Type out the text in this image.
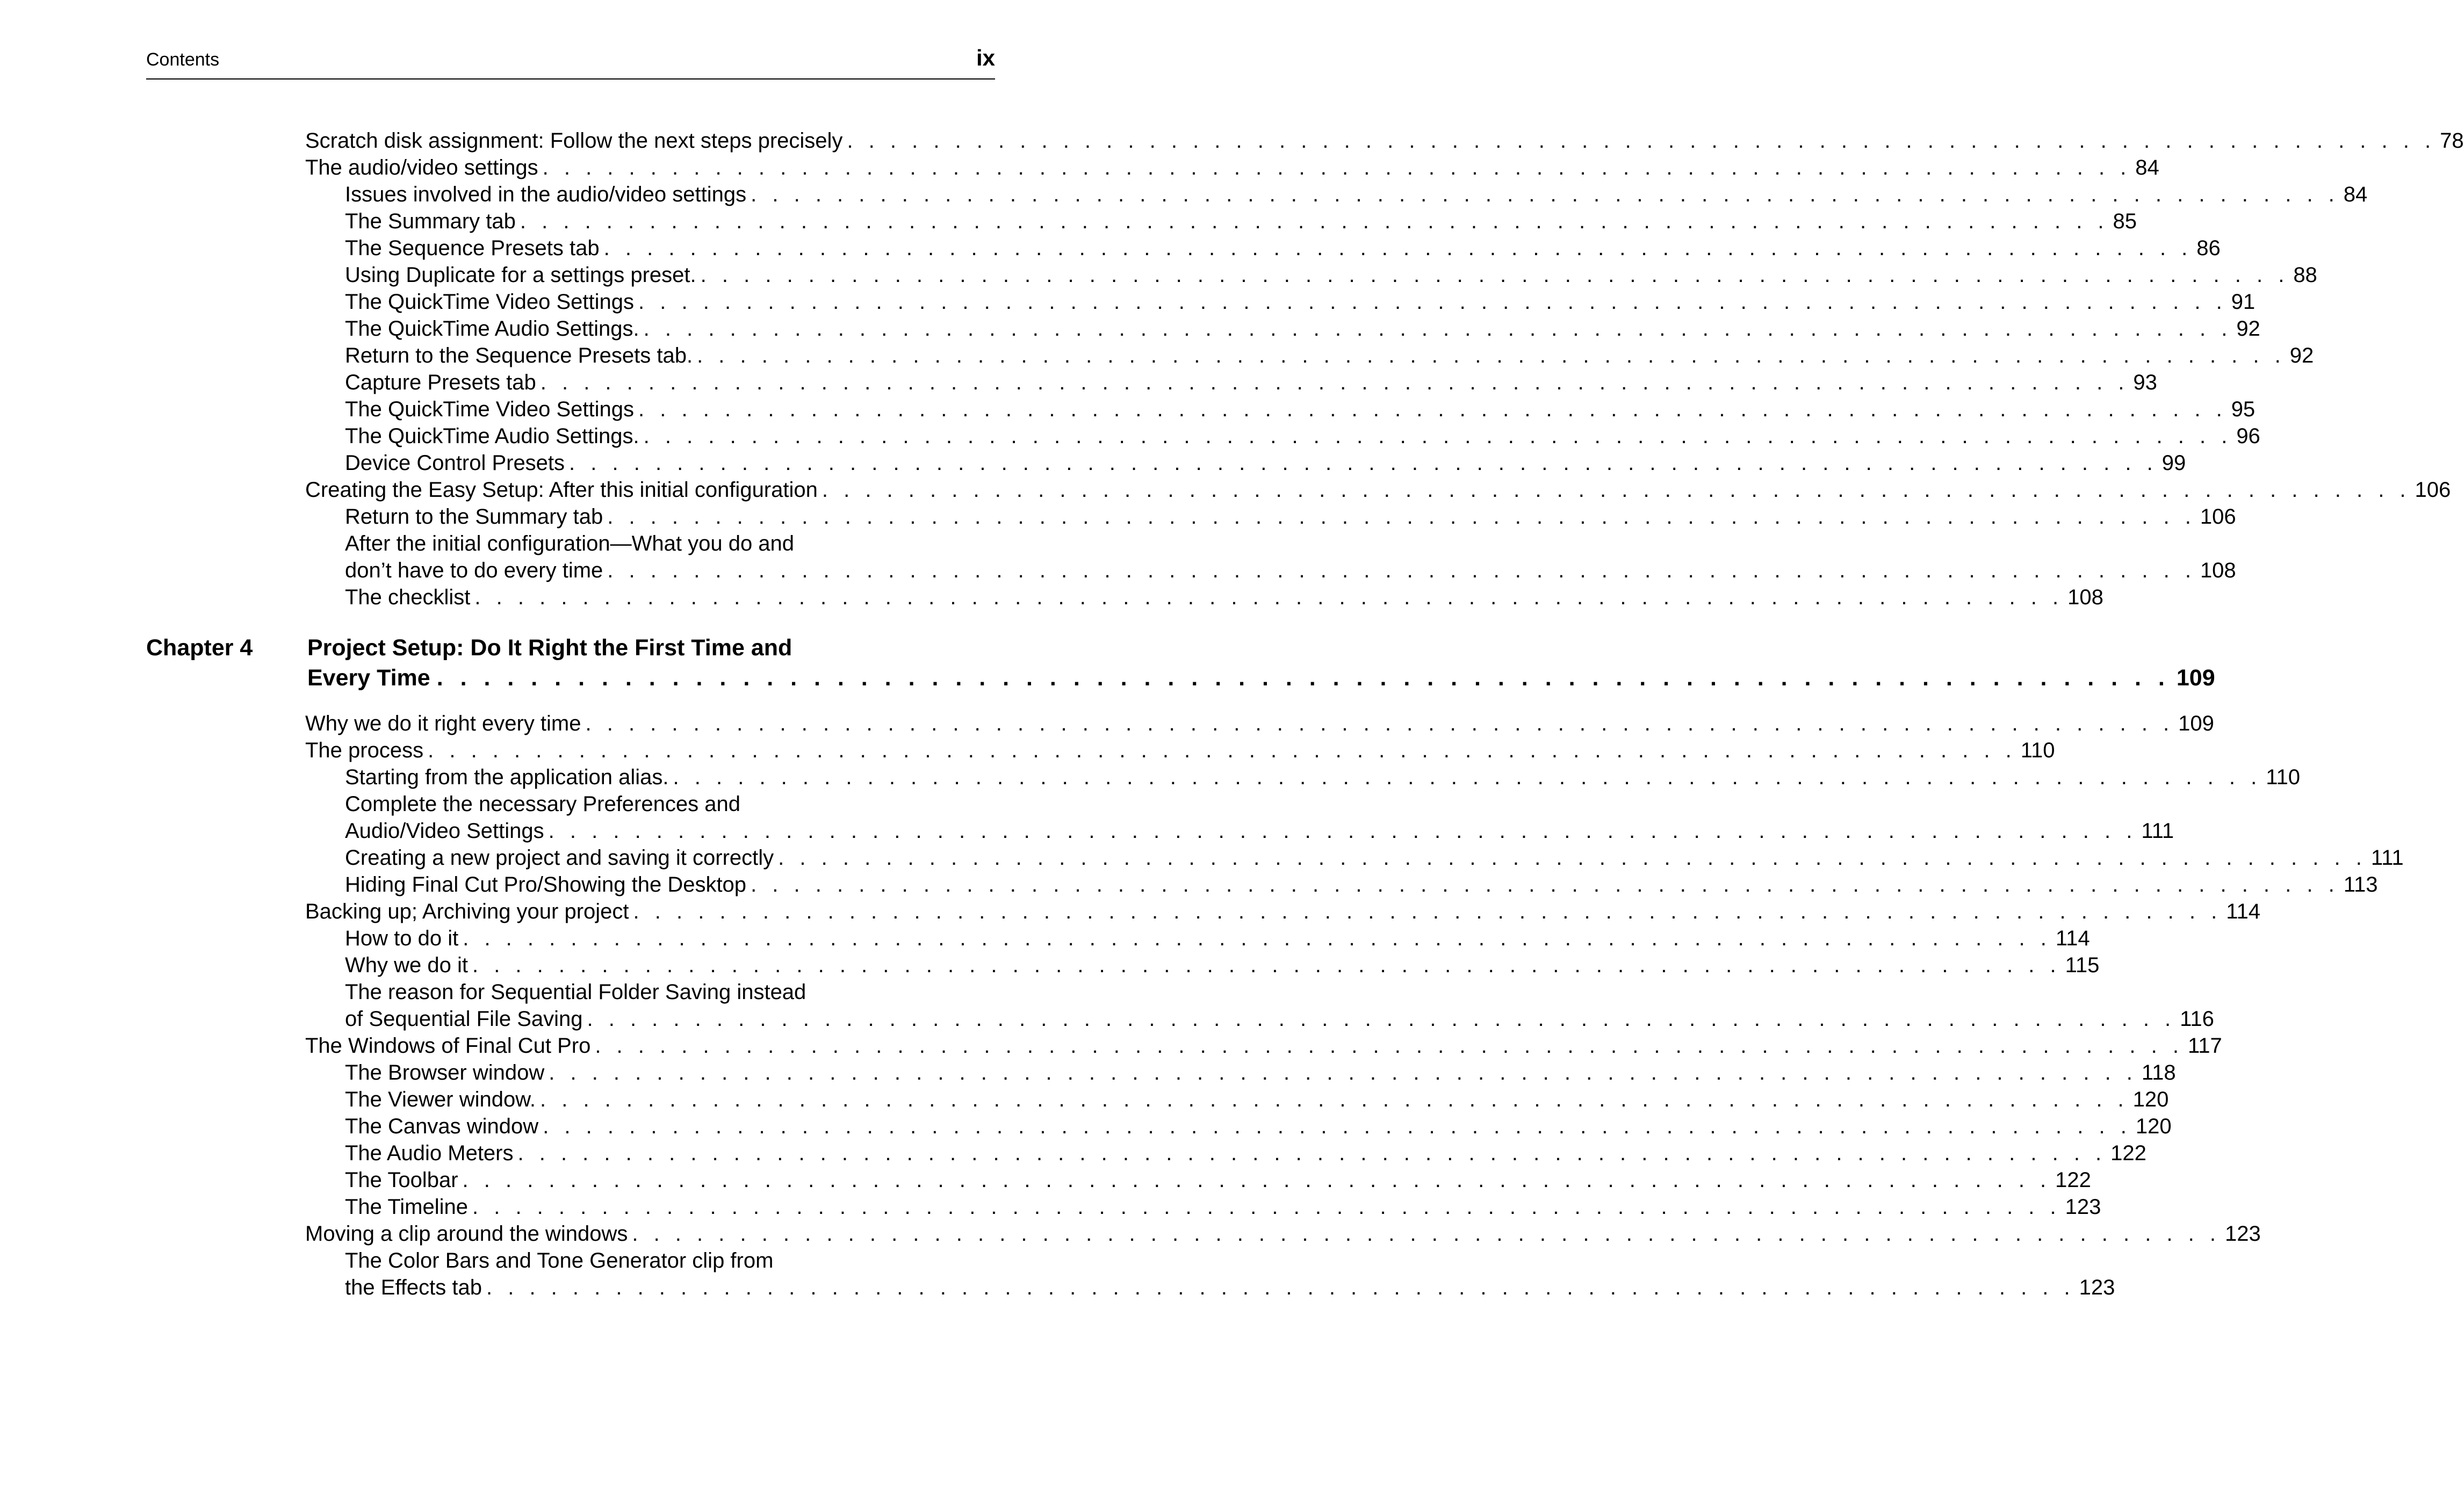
Contents	ix
Scratch disk assignment: Follow the next steps precisely . . . . . . . . . . . . . . . . . . . . . . . . . . . . . . . . . . . . . . . . . . . . . . . . . . . . . . . . . . . . . . . . . . . . . . . . . . 78
The audio/video settings . . . . . . . . . . . . . . . . . . . . . . . . . . . . . . . . . . . . . . . . . . . . . . . . . . . . . . . . . . . . . . . . . . . . . . . . . . 84
Issues involved in the audio/video settings . . . . . . . . . . . . . . . . . . . . . . . . . . . . . . . . . . . . . . . . . . . . . . . . . . . . . . . . . . . . . . . . . . . . . . . . . . 84
The Summary tab . . . . . . . . . . . . . . . . . . . . . . . . . . . . . . . . . . . . . . . . . . . . . . . . . . . . . . . . . . . . . . . . . . . . . . . . . . 85
The Sequence Presets tab . . . . . . . . . . . . . . . . . . . . . . . . . . . . . . . . . . . . . . . . . . . . . . . . . . . . . . . . . . . . . . . . . . . . . . . . . . 86
Using Duplicate for a settings preset. . . . . . . . . . . . . . . . . . . . . . . . . . . . . . . . . . . . . . . . . . . . . . . . . . . . . . . . . . . . . . . . . . . . . . . . . . . 88
The QuickTime Video Settings . . . . . . . . . . . . . . . . . . . . . . . . . . . . . . . . . . . . . . . . . . . . . . . . . . . . . . . . . . . . . . . . . . . . . . . . . . 91
The QuickTime Audio Settings. . . . . . . . . . . . . . . . . . . . . . . . . . . . . . . . . . . . . . . . . . . . . . . . . . . . . . . . . . . . . . . . . . . . . . . . . . . 92
Return to the Sequence Presets tab. . . . . . . . . . . . . . . . . . . . . . . . . . . . . . . . . . . . . . . . . . . . . . . . . . . . . . . . . . . . . . . . . . . . . . . . . . . 92
Capture Presets tab . . . . . . . . . . . . . . . . . . . . . . . . . . . . . . . . . . . . . . . . . . . . . . . . . . . . . . . . . . . . . . . . . . . . . . . . . . 93
The QuickTime Video Settings . . . . . . . . . . . . . . . . . . . . . . . . . . . . . . . . . . . . . . . . . . . . . . . . . . . . . . . . . . . . . . . . . . . . . . . . . . 95
The QuickTime Audio Settings. . . . . . . . . . . . . . . . . . . . . . . . . . . . . . . . . . . . . . . . . . . . . . . . . . . . . . . . . . . . . . . . . . . . . . . . . . . 96
Device Control Presets . . . . . . . . . . . . . . . . . . . . . . . . . . . . . . . . . . . . . . . . . . . . . . . . . . . . . . . . . . . . . . . . . . . . . . . . . . 99
Creating the Easy Setup: After this initial configuration . . . . . . . . . . . . . . . . . . . . . . . . . . . . . . . . . . . . . . . . . . . . . . . . . . . . . . . . . . . . . . . . . . . . . . . . . . 106
Return to the Summary tab . . . . . . . . . . . . . . . . . . . . . . . . . . . . . . . . . . . . . . . . . . . . . . . . . . . . . . . . . . . . . . . . . . . . . . . . . . 106
After the initial configuration—What you do and
don’t have to do every time . . . . . . . . . . . . . . . . . . . . . . . . . . . . . . . . . . . . . . . . . . . . . . . . . . . . . . . . . . . . . . . . . . . . . . . . . . 108
The checklist . . . . . . . . . . . . . . . . . . . . . . . . . . . . . . . . . . . . . . . . . . . . . . . . . . . . . . . . . . . . . . . . . . . . . . . . . . 108
Chapter 4 Project Setup: Do It Right the First Time and
Every Time . . . . . . . . . . . . . . . . . . . . . . . . . . . . . . . . . . . . . . . . . . . . . . . . . . . . . . . . . . . . . . . . . . . . . . . . . . 109
Why we do it right every time . . . . . . . . . . . . . . . . . . . . . . . . . . . . . . . . . . . . . . . . . . . . . . . . . . . . . . . . . . . . . . . . . . . . . . . . . . 109
The process . . . . . . . . . . . . . . . . . . . . . . . . . . . . . . . . . . . . . . . . . . . . . . . . . . . . . . . . . . . . . . . . . . . . . . . . . . 110
Starting from the application alias. . . . . . . . . . . . . . . . . . . . . . . . . . . . . . . . . . . . . . . . . . . . . . . . . . . . . . . . . . . . . . . . . . . . . . . . . . . 110
Complete the necessary Preferences and
Audio/Video Settings . . . . . . . . . . . . . . . . . . . . . . . . . . . . . . . . . . . . . . . . . . . . . . . . . . . . . . . . . . . . . . . . . . . . . . . . . . 111
Creating a new project and saving it correctly . . . . . . . . . . . . . . . . . . . . . . . . . . . . . . . . . . . . . . . . . . . . . . . . . . . . . . . . . . . . . . . . . . . . . . . . . . 111
Hiding Final Cut Pro/Showing the Desktop . . . . . . . . . . . . . . . . . . . . . . . . . . . . . . . . . . . . . . . . . . . . . . . . . . . . . . . . . . . . . . . . . . . . . . . . . . 113
Backing up; Archiving your project . . . . . . . . . . . . . . . . . . . . . . . . . . . . . . . . . . . . . . . . . . . . . . . . . . . . . . . . . . . . . . . . . . . . . . . . . . 114
How to do it . . . . . . . . . . . . . . . . . . . . . . . . . . . . . . . . . . . . . . . . . . . . . . . . . . . . . . . . . . . . . . . . . . . . . . . . . . 114
Why we do it . . . . . . . . . . . . . . . . . . . . . . . . . . . . . . . . . . . . . . . . . . . . . . . . . . . . . . . . . . . . . . . . . . . . . . . . . . 115
The reason for Sequential Folder Saving instead
of Sequential File Saving . . . . . . . . . . . . . . . . . . . . . . . . . . . . . . . . . . . . . . . . . . . . . . . . . . . . . . . . . . . . . . . . . . . . . . . . . . 116
The Windows of Final Cut Pro . . . . . . . . . . . . . . . . . . . . . . . . . . . . . . . . . . . . . . . . . . . . . . . . . . . . . . . . . . . . . . . . . . . . . . . . . . 117
The Browser window . . . . . . . . . . . . . . . . . . . . . . . . . . . . . . . . . . . . . . . . . . . . . . . . . . . . . . . . . . . . . . . . . . . . . . . . . . 118
The Viewer window. . . . . . . . . . . . . . . . . . . . . . . . . . . . . . . . . . . . . . . . . . . . . . . . . . . . . . . . . . . . . . . . . . . . . . . . . . . 120
The Canvas window . . . . . . . . . . . . . . . . . . . . . . . . . . . . . . . . . . . . . . . . . . . . . . . . . . . . . . . . . . . . . . . . . . . . . . . . . . 120
The Audio Meters . . . . . . . . . . . . . . . . . . . . . . . . . . . . . . . . . . . . . . . . . . . . . . . . . . . . . . . . . . . . . . . . . . . . . . . . . . 122
The Toolbar . . . . . . . . . . . . . . . . . . . . . . . . . . . . . . . . . . . . . . . . . . . . . . . . . . . . . . . . . . . . . . . . . . . . . . . . . . 122
The Timeline . . . . . . . . . . . . . . . . . . . . . . . . . . . . . . . . . . . . . . . . . . . . . . . . . . . . . . . . . . . . . . . . . . . . . . . . . . 123
Moving a clip around the windows . . . . . . . . . . . . . . . . . . . . . . . . . . . . . . . . . . . . . . . . . . . . . . . . . . . . . . . . . . . . . . . . . . . . . . . . . . 123
The Color Bars and Tone Generator clip from
the Effects tab . . . . . . . . . . . . . . . . . . . . . . . . . . . . . . . . . . . . . . . . . . . . . . . . . . . . . . . . . . . . . . . . . . . . . . . . . . 123
